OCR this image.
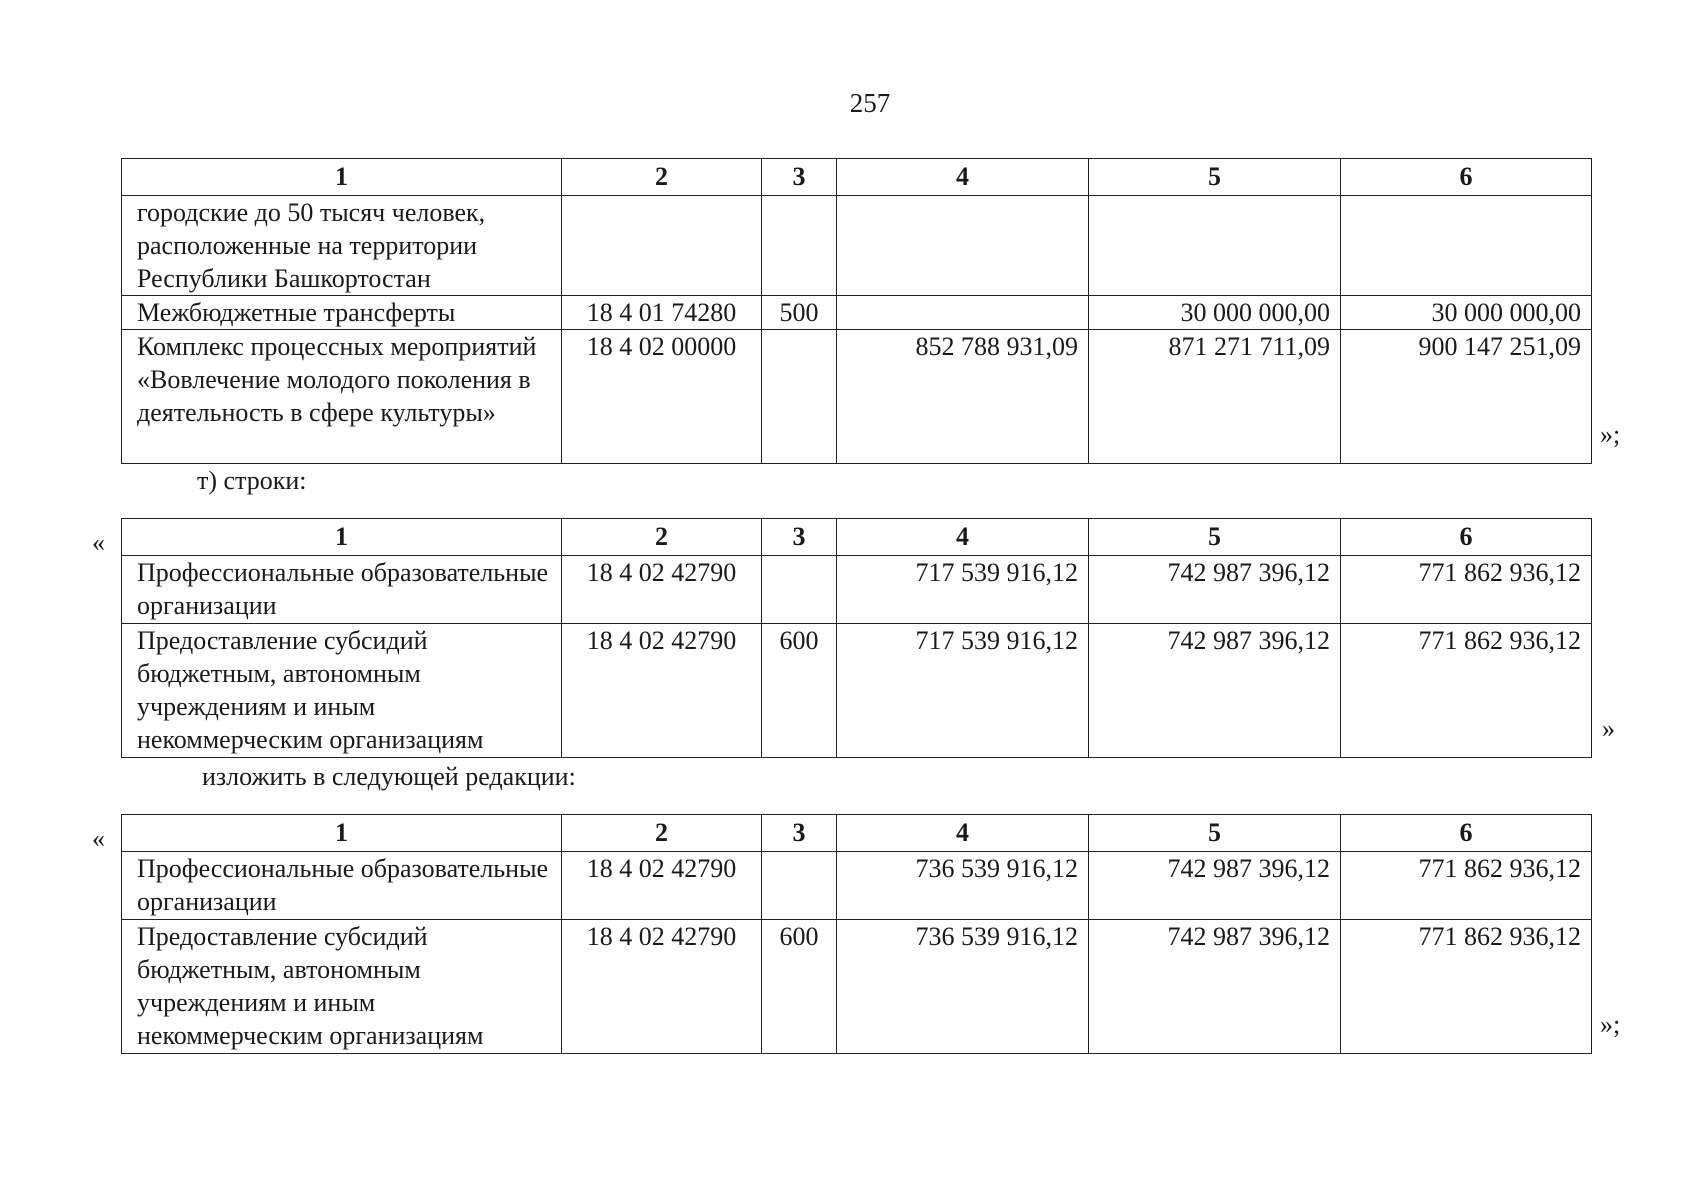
257
1	2	3	4	5	6
городские до 50 тысяч человек, расположенные на территории Республики Башкортостан					
Межбюджетные трансферты	18 4 01 74280	500		30 000 000,00	30 000 000,00
Комплекс процессных мероприятий «Вовлечение молодого поколения в деятельность в сфере культуры»	18 4 02 00000		852 788 931,09	871 271 711,09	900 147 251,09
»;
т) строки:
«	1	2	3	4	5	6
Профессиональные образовательные организации	18 4 02 42790		717 539 916,12	742 987 396,12	771 862 936,12
Предоставление субсидий бюджетным, автономным учреждениям и иным некоммерческим организациям	18 4 02 42790	600	717 539 916,12	742 987 396,12	771 862 936,12
»
изложить в следующей редакции:
«	1	2	3	4	5	6
Профессиональные образовательные организации	18 4 02 42790		736 539 916,12	742 987 396,12	771 862 936,12
Предоставление субсидий бюджетным, автономным учреждениям и иным некоммерческим организациям	18 4 02 42790	600	736 539 916,12	742 987 396,12	771 862 936,12
»;
